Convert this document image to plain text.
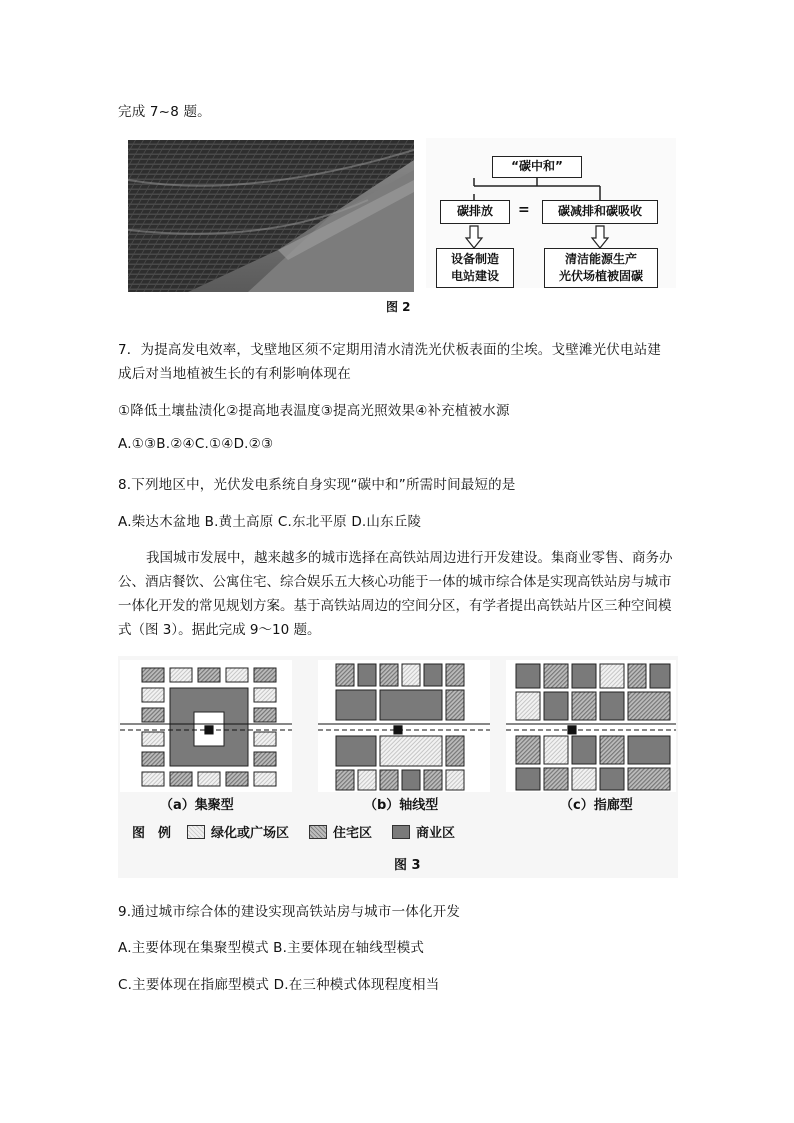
完成 7~8 题。
“碳中和”
碳排放	=	碳减排和碳吸收
设备制造
电站建设
清洁能源生产
光伏场植被固碳
图 2
7．为提高发电效率，戈壁地区须不定期用清水清洗光伏板表面的尘埃。戈壁滩光伏电站建
成后对当地植被生长的有利影响体现在
①降低土壤盐渍化②提高地表温度③提高光照效果④补充植被水源
A.①③B.②④C.①④D.②③
8.下列地区中，光伏发电系统自身实现“碳中和”所需时间最短的是
A.柴达木盆地 B.黄土高原 C.东北平原 D.山东丘陵
我国城市发展中，越来越多的城市选择在高铁站周边进行开发建设。集商业零售、商务办公、酒店餐饮、公寓住宅、综合娱乐五大核心功能于一体的城市综合体是实现高铁站房与城市一体化开发的常见规划方案。基于高铁站周边的空间分区，有学者提出高铁站片区三种空间模式（图 3）。据此完成 9～10 题。
■
（a）集聚型
■
（b）轴线型
■
（c）指廊型
图　例	绿化或广场区	住宅区	商业区
图 3
9.通过城市综合体的建设实现高铁站房与城市一体化开发
A.主要体现在集聚型模式 B.主要体现在轴线型模式
C.主要体现在指廊型模式 D.在三种模式体现程度相当
